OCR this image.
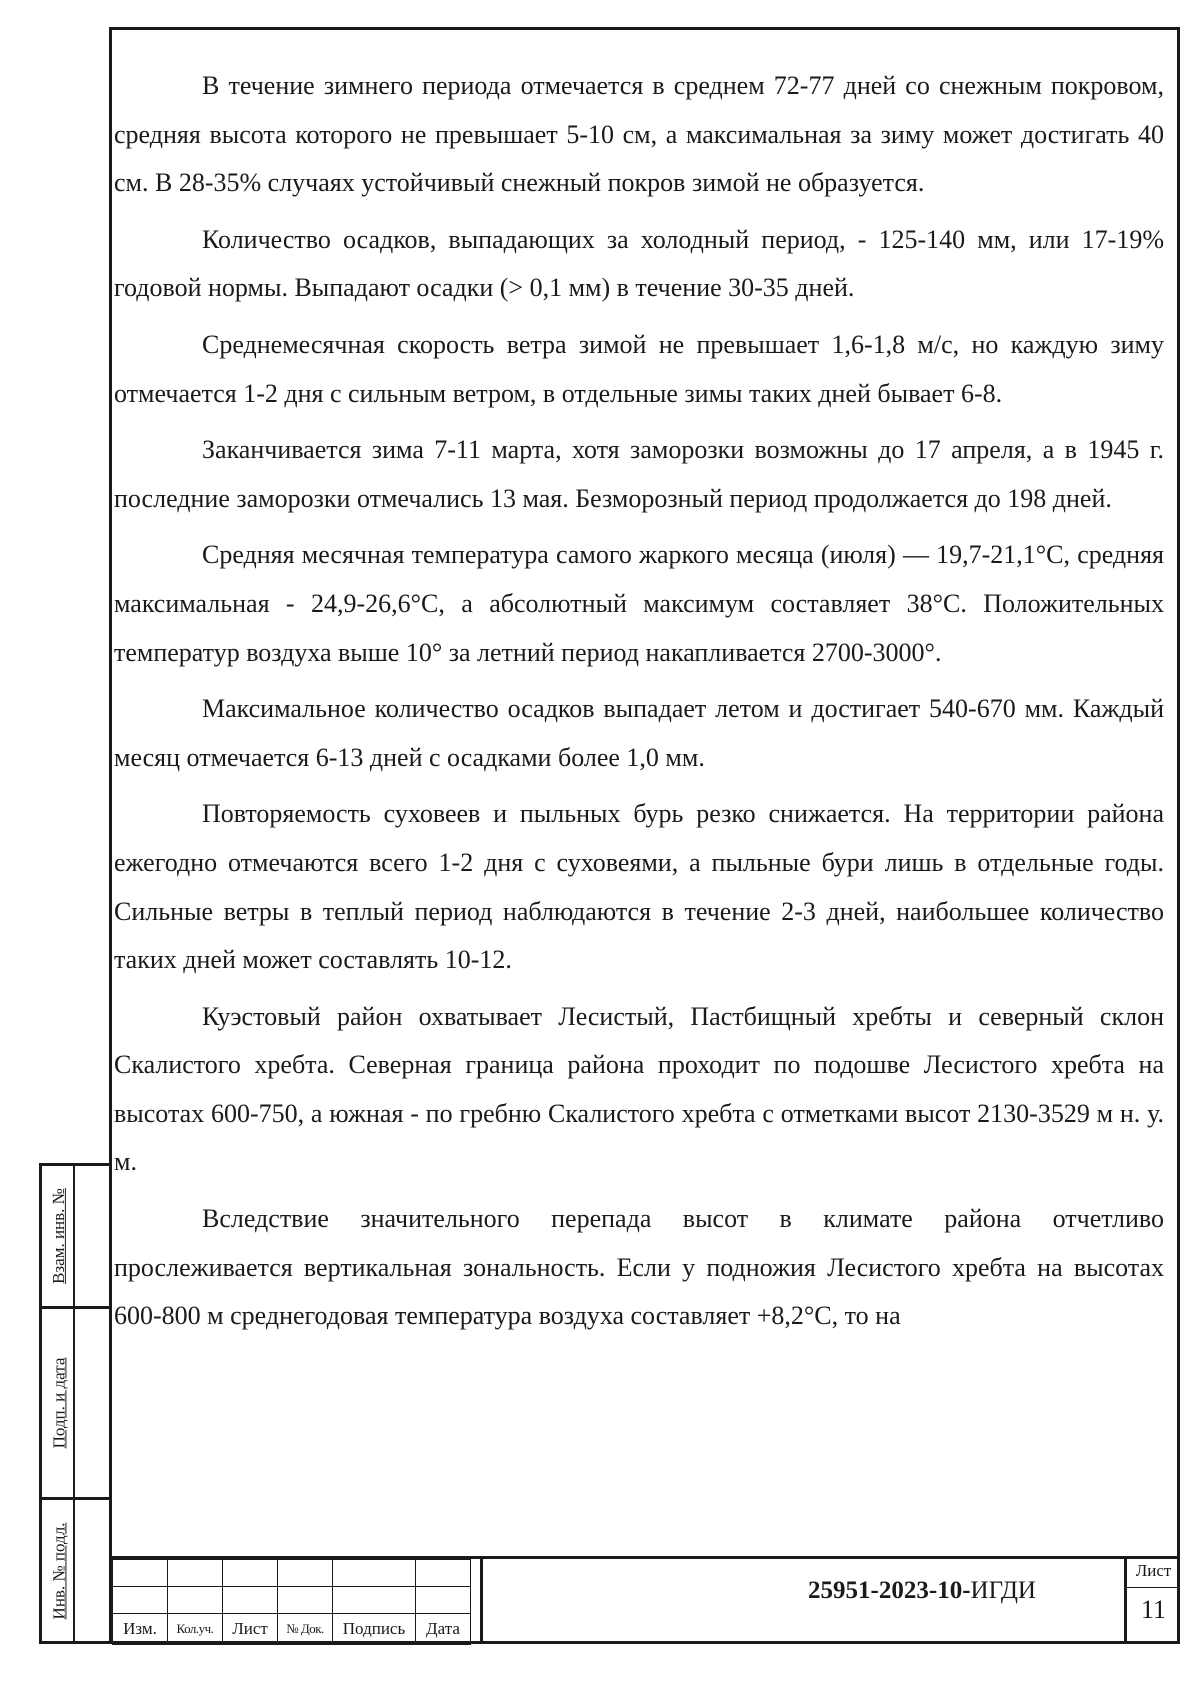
В течение зимнего периода отмечается в среднем 72-77 дней со снежным покровом, средняя высота которого не превышает 5-10 см, а максимальная за зиму может достигать 40 см. В 28-35% случаях устойчивый снежный покров зимой не образуется.

Количество осадков, выпадающих за холодный период, - 125-140 мм, или 17-19% годовой нормы. Выпадают осадки (> 0,1 мм) в течение 30-35 дней.

Среднемесячная скорость ветра зимой не превышает 1,6-1,8 м/с, но каждую зиму отмечается 1-2 дня с сильным ветром, в отдельные зимы таких дней бывает 6-8.

Заканчивается зима 7-11 марта, хотя заморозки возможны до 17 апреля, а в 1945 г. последние заморозки отмечались 13 мая. Безморозный период продолжается до 198 дней.

Средняя месячная температура самого жаркого месяца (июля) — 19,7-21,1°C, средняя максимальная - 24,9-26,6°C, а абсолютный максимум составляет 38°C. Положительных температур воздуха выше 10° за летний период накапливается 2700-3000°.

Максимальное количество осадков выпадает летом и достигает 540-670 мм. Каждый месяц отмечается 6-13 дней с осадками более 1,0 мм.

Повторяемость суховеев и пыльных бурь резко снижается. На территории района ежегодно отмечаются всего 1-2 дня с суховеями, а пыльные бури лишь в отдельные годы. Сильные ветры в теплый период наблюдаются в течение 2-3 дней, наибольшее количество таких дней может составлять 10-12.

Куэстовый район охватывает Лесистый, Пастбищный хребты и северный склон Скалистого хребта. Северная граница района проходит по подошве Лесистого хребта на высотах 600-750, а южная - по гребню Скалистого хребта с отметками высот 2130-3529 м н. у. м.

Вследствие значительного перепада высот в климате района отчетливо прослеживается вертикальная зональность. Если у подножия Лесистого хребта на высотах 600-800 м среднегодовая температура воздуха составляет +8,2°C, то на

Взам. инв. №
Подп. и дата
Инв. № подл.

Изм.	Кол.уч.	Лист	№ Док.	Подпись	Дата
25951-2023-10-ИГДИ
Лист
11
